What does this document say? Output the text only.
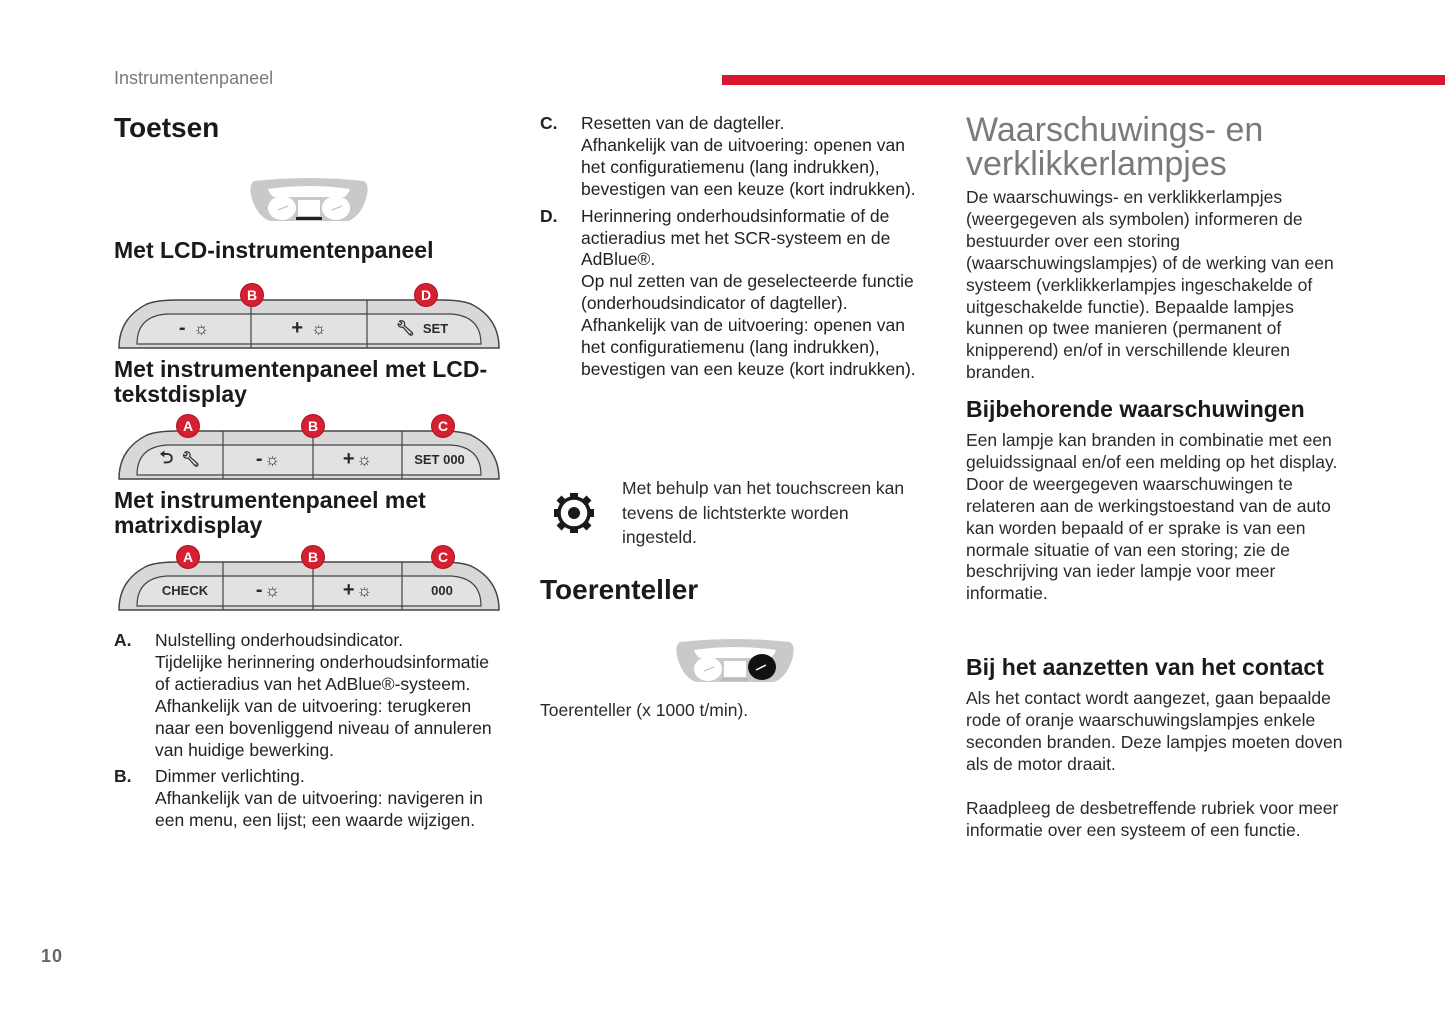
Instrumentenpaneel
Toetsen
Met LCD-instrumentenpaneel
- ☼	+ ☼	🔧︎ SET
B	D
Met instrumentenpaneel met LCD-tekstdisplay
⮌ 🔧︎	- ☼	+ ☼	SET 000
A	B	C
Met instrumentenpaneel met matrixdisplay
CHECK - ☼	+ ☼	000
A	B	C
A.	Nulstelling onderhoudsindicator.

Tijdelijke herinnering onderhoudsinformatie of actieradius van het AdBlue®-systeem.

Afhankelijk van de uitvoering: terugkeren naar een bovenliggend niveau of annuleren van huidige bewerking.

B.	Dimmer verlichting.

Afhankelijk van de uitvoering: navigeren in een menu, een lijst; een waarde wijzigen.

C.	Resetten van de dagteller.

Afhankelijk van de uitvoering: openen van het configuratiemenu (lang indrukken), bevestigen van een keuze (kort indrukken).

D.	Herinnering onderhoudsinformatie of de actieradius met het SCR-systeem en de AdBlue®.

Op nul zetten van de geselecteerde functie (onderhoudsindicator of dagteller).

Afhankelijk van de uitvoering: openen van het configuratiemenu (lang indrukken), bevestigen van een keuze (kort indrukken).

Met behulp van het touchscreen kan tevens de lichtsterkte worden ingesteld.
Toerenteller
Toerenteller (x 1000 t/min).
Waarschuwings- en verklikkerlampjes
De waarschuwings- en verklikkerlampjes (weergegeven als symbolen) informeren de bestuurder over een storing (waarschuwingslampjes) of de werking van een systeem (verklikkerlampjes ingeschakelde of uitgeschakelde functie). Bepaalde lampjes kunnen op twee manieren (permanent of knipperend) en/of in verschillende kleuren branden.
Bijbehorende waarschuwingen
Een lampje kan branden in combinatie met een geluidssignaal en/of een melding op het display.
Door de weergegeven waarschuwingen te relateren aan de werkingstoestand van de auto kan worden bepaald of er sprake is van een normale situatie of van een storing; zie de beschrijving van ieder lampje voor meer informatie.
Bij het aanzetten van het contact
Als het contact wordt aangezet, gaan bepaalde rode of oranje waarschuwingslampjes enkele seconden branden. Deze lampjes moeten doven als de motor draait.
Raadpleeg de desbetreffende rubriek voor meer informatie over een systeem of een functie.
10
